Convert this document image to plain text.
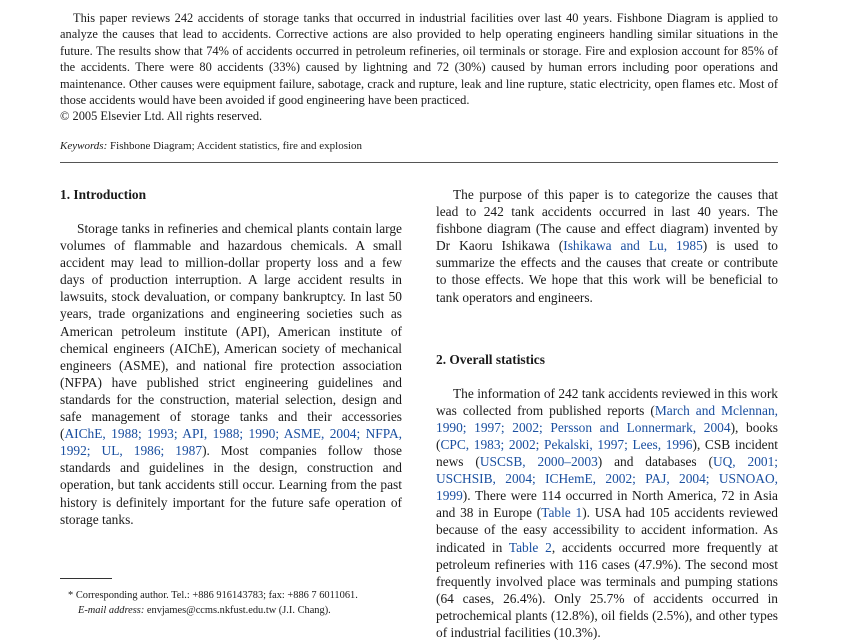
This paper reviews 242 accidents of storage tanks that occurred in industrial facilities over last 40 years. Fishbone Diagram is applied to analyze the causes that lead to accidents. Corrective actions are also provided to help operating engineers handling similar situations in the future. The results show that 74% of accidents occurred in petroleum refineries, oil terminals or storage. Fire and explosion account for 85% of the accidents. There were 80 accidents (33%) caused by lightning and 72 (30%) caused by human errors including poor operations and maintenance. Other causes were equipment failure, sabotage, crack and rupture, leak and line rupture, static electricity, open flames etc. Most of those accidents would have been avoided if good engineering have been practiced.

© 2005 Elsevier Ltd. All rights reserved.

Keywords: Fishbone Diagram; Accident statistics, fire and explosion

1. Introduction

Storage tanks in refineries and chemical plants contain large volumes of flammable and hazardous chemicals. A small accident may lead to million-dollar property loss and a few days of production interruption. A large accident results in lawsuits, stock devaluation, or company bankruptcy. In last 50 years, trade organizations and engineering societies such as American petroleum institute (API), American institute of chemical engineers (AIChE), American society of mechanical engineers (ASME), and national fire protection association (NFPA) have published strict engineering guidelines and standards for the construction, material selection, design and safe management of storage tanks and their accessories (AIChE, 1988; 1993; API, 1988; 1990; ASME, 2004; NFPA, 1992; UL, 1986; 1987). Most companies follow those standards and guidelines in the design, construction and operation, but tank accidents still occur. Learning from the past history is definitely important for the future safe operation of storage tanks.

The purpose of this paper is to categorize the causes that lead to 242 tank accidents occurred in last 40 years. The fishbone diagram (The cause and effect diagram) invented by Dr Kaoru Ishikawa (Ishikawa and Lu, 1985) is used to summarize the effects and the causes that create or contribute to those effects. We hope that this work will be beneficial to tank operators and engineers.

2. Overall statistics

The information of 242 tank accidents reviewed in this work was collected from published reports (March and Mclennan, 1990; 1997; 2002; Persson and Lonnermark, 2004), books (CPC, 1983; 2002; Pekalski, 1997; Lees, 1996), CSB incident news (USCSB, 2000–2003) and databases (UQ, 2001; USCHSIB, 2004; ICHemE, 2002; PAJ, 2004; USNOAO, 1999). There were 114 occurred in North America, 72 in Asia and 38 in Europe (Table 1). USA had 105 accidents reviewed because of the easy accessibility to accident information. As indicated in Table 2, accidents occurred more frequently at petroleum refineries with 116 cases (47.9%). The second most frequently involved place was terminals and pumping stations (64 cases, 26.4%). Only 25.7% of accidents occurred in petrochemical plants (12.8%), oil fields (2.5%), and other types of industrial facilities (10.3%).

* Corresponding author. Tel.: +886 916143783; fax: +886 7 6011061.
E-mail address: envjames@ccms.nkfust.edu.tw (J.I. Chang).
